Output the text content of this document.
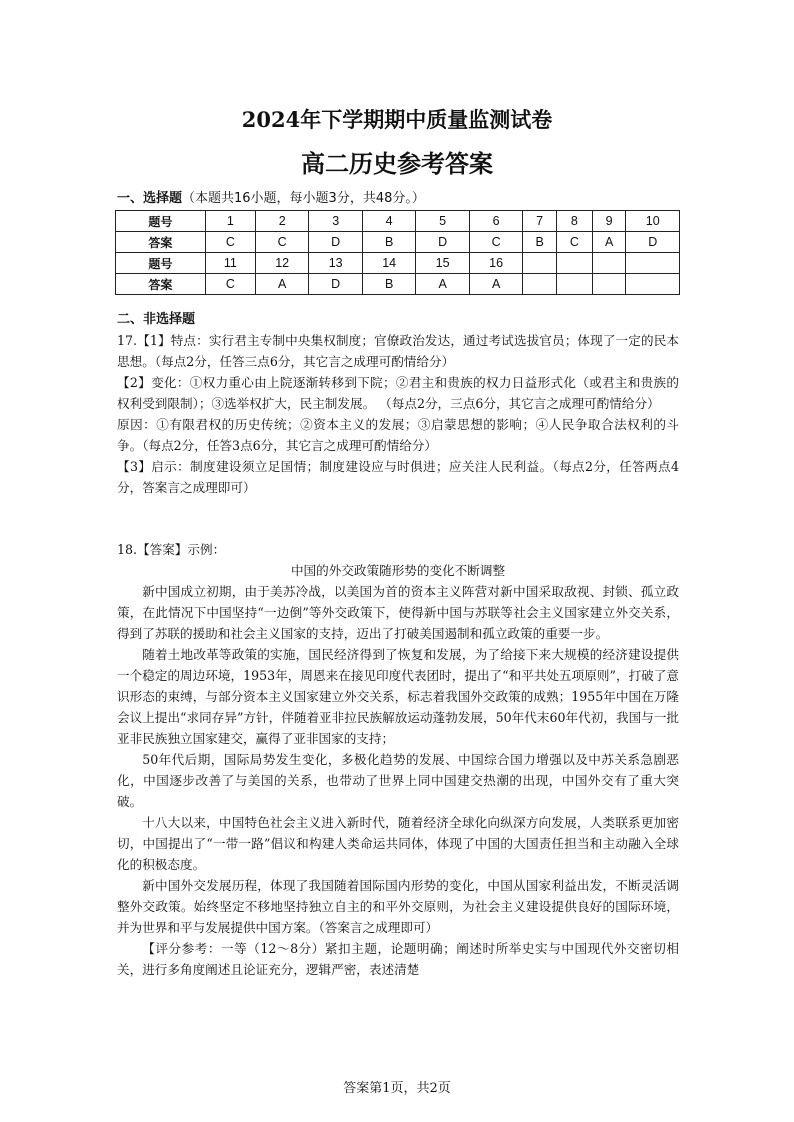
2024年下学期期中质量监测试卷
高二历史参考答案
一、选择题（本题共16小题，每小题3分，共48分。）
题号	1	2	3	4	5	6	7	8	9	10
答案	C	C	D	B	D	C	B	C	A	D
题号	11	12	13	14	15	16				
答案	C	A	D	B	A	A				
二、非选择题

17.【1】特点：实行君主专制中央集权制度；官僚政治发达，通过考试选拔官员；体现了一定的民本思想。（每点2分，任答三点6分，其它言之成理可酌情给分）

【2】变化：①权力重心由上院逐渐转移到下院；②君主和贵族的权力日益形式化（或君主和贵族的权利受到限制）；③选举权扩大，民主制发展。 （每点2分，三点6分，其它言之成理可酌情给分）

原因：①有限君权的历史传统；②资本主义的发展；③启蒙思想的影响；④人民争取合法权利的斗争。（每点2分，任答3点6分，其它言之成理可酌情给分）

【3】启示：制度建设须立足国情；制度建设应与时俱进；应关注人民利益。（每点2分，任答两点4分，答案言之成理即可）

18.【答案】示例：

中国的外交政策随形势的变化不断调整

新中国成立初期，由于美苏冷战，以美国为首的资本主义阵营对新中国采取敌视、封锁、孤立政策，在此情况下中国坚持“一边倒”等外交政策下，使得新中国与苏联等社会主义国家建立外交关系，得到了苏联的援助和社会主义国家的支持，迈出了打破美国遏制和孤立政策的重要一步。

随着土地改革等政策的实施，国民经济得到了恢复和发展，为了给接下来大规模的经济建设提供一个稳定的周边环境，1953年，周恩来在接见印度代表团时，提出了“和平共处五项原则”，打破了意识形态的束缚，与部分资本主义国家建立外交关系，标志着我国外交政策的成熟；1955年中国在万隆会议上提出“求同存异”方针，伴随着亚非拉民族解放运动蓬勃发展，50年代末60年代初，我国与一批亚非民族独立国家建交，赢得了亚非国家的支持；

50年代后期，国际局势发生变化，多极化趋势的发展、中国综合国力增强以及中苏关系急剧恶化，中国逐步改善了与美国的关系，也带动了世界上同中国建交热潮的出现，中国外交有了重大突破。

十八大以来，中国特色社会主义进入新时代，随着经济全球化向纵深方向发展，人类联系更加密切，中国提出了“一带一路”倡议和构建人类命运共同体，体现了中国的大国责任担当和主动融入全球化的积极态度。

新中国外交发展历程，体现了我国随着国际国内形势的变化，中国从国家利益出发，不断灵活调整外交政策。始终坚定不移地坚持独立自主的和平外交原则，为社会主义建设提供良好的国际环境，并为世界和平与发展提供中国方案。（答案言之成理即可）

【评分参考：一等（12～8分）紧扣主题，论题明确；阐述时所举史实与中国现代外交密切相关，进行多角度阐述且论证充分，逻辑严密，表述清楚

答案第1页，共2页
